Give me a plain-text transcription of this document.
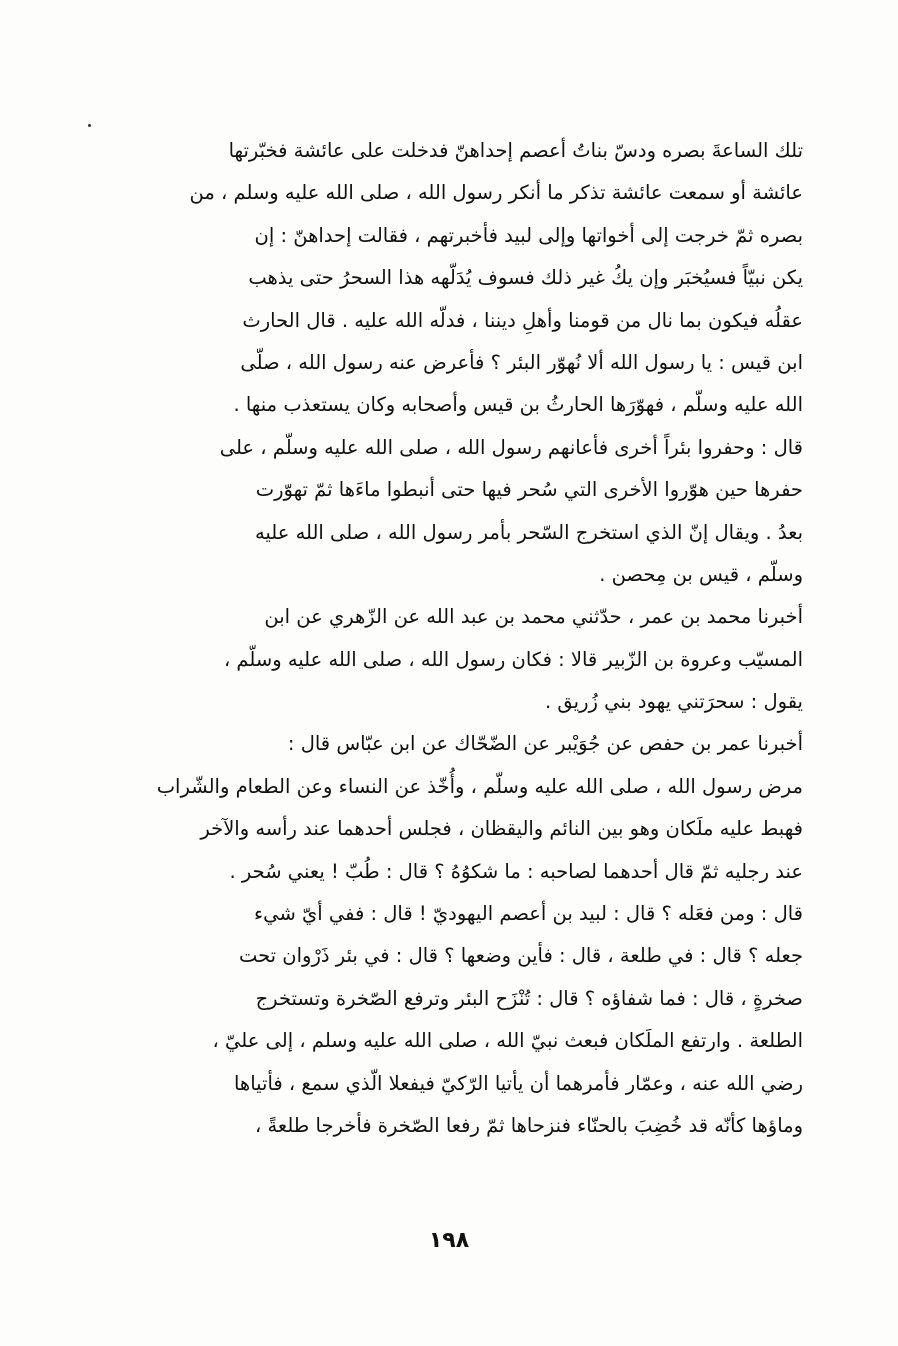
تلك الساعةَ بصره ودسّ بناتُ أعصم إحداهنّ فدخلت على عائشة فخبّرتها
عائشة أو سمعت عائشة تذكر ما أنكر رسول الله ، صلى الله عليه وسلم ، من
بصره ثمّ خرجت إلى أخواتها وإلى لبيد فأخبرتهم ، فقالت إحداهنّ : إن
يكن نبيّاً فسيُخبَر وإن يكُ غير ذلك فسوف يُدَلّهه هذا السحرُ حتى يذهب
عقلُه فيكون بما نال من قومنا وأهلِ ديننا ، فدلّه الله عليه . قال الحارث
ابن قيس : يا رسول الله ألا نُهوّر البئر ؟ فأعرض عنه رسول الله ، صلّى
الله عليه وسلّم ، فهوّرَها الحارثُ بن قيس وأصحابه وكان يستعذب منها .
قال : وحفروا بئراً أخرى فأعانهم رسول الله ، صلى الله عليه وسلّم ، على
حفرها حين هوّروا الأخرى التي سُحر فيها حتى أنبطوا ماءَها ثمّ تهوّرت
بعدُ . ويقال إنّ الذي استخرج السّحر بأمر رسول الله ، صلى الله عليه
وسلّم ، قيس بن مِحصن .
أخبرنا محمد بن عمر ، حدّثني محمد بن عبد الله عن الزّهري عن ابن
المسيّب وعروة بن الزّبير قالا : فكان رسول الله ، صلى الله عليه وسلّم ،
يقول : سحرَتني يهود بني زُريق .
أخبرنا عمر بن حفص عن جُوَيْبر عن الضّحّاك عن ابن عبّاس قال :
مرض رسول الله ، صلى الله عليه وسلّم ، وأُخّذ عن النساء وعن الطعام والشّراب
فهبط عليه ملَكان وهو بين النائم واليقظان ، فجلس أحدهما عند رأسه والآخر
عند رجليه ثمّ قال أحدهما لصاحبه : ما شكوُهُ ؟ قال : طُبّ ! يعني سُحر .
قال : ومن فعَله ؟ قال : لبيد بن أعصم اليهوديّ ! قال : ففي أيّ شيء
جعله ؟ قال : في طلعة ، قال : فأين وضعها ؟ قال : في بئر ذَرْوان تحت
صخرةٍ ، قال : فما شفاؤه ؟ قال : تُنْزَح البئر وترفع الصّخرة وتستخرج
الطلعة . وارتفع الملَكان فبعث نبيّ الله ، صلى الله عليه وسلم ، إلى عليّ ،
رضي الله عنه ، وعمّار فأمرهما أن يأتيا الرّكيّ فيفعلا الّذي سمع ، فأتياها
وماؤها كأنّه قد خُضِبَ بالحنّاء فنزحاها ثمّ رفعا الصّخرة فأخرجا طلعةً ،
١٩٨
